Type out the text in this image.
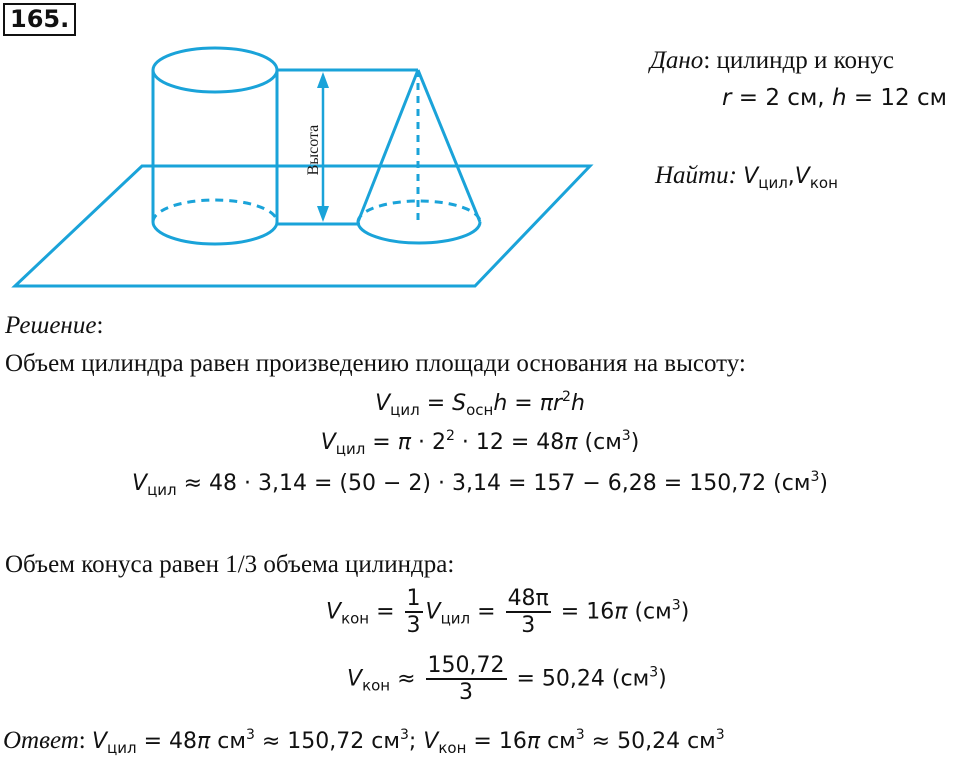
165.
Высота
Дано: цилиндр и конус
r = 2 см, h = 12 см
Найти: $V_{цил},V_{кон}$
Решение:
Объем цилиндра равен произведению площади основания на высоту:
$V_{цил} = S_{осн}h = \pi r^2h$
$V_{цил} = \pi \cdot 2^2 \cdot 12 = 48\pi$ $(см^3)$
$V_{цил} \approx 48 \cdot 3,14 = (50 - 2) \cdot 3,14 = 157 - 6,28 = 150,72$ $(см^3)$
Объем конуса равен 1/3 объема цилиндра:
$V_{кон} = \frac{1}{3} V_{цил} = \frac{48\pi}{3} = 16\pi$ $(см^3)$
$V_{кон} \approx \frac{150,72}{3} = 50,24$ $(см^3)$
Ответ: $V_{цил} = 48\pi$ $см^3 \approx 150,72$ $см^3$; $V_{кон} = 16\pi$ $см^3 \approx 50,24$ $см^3$
